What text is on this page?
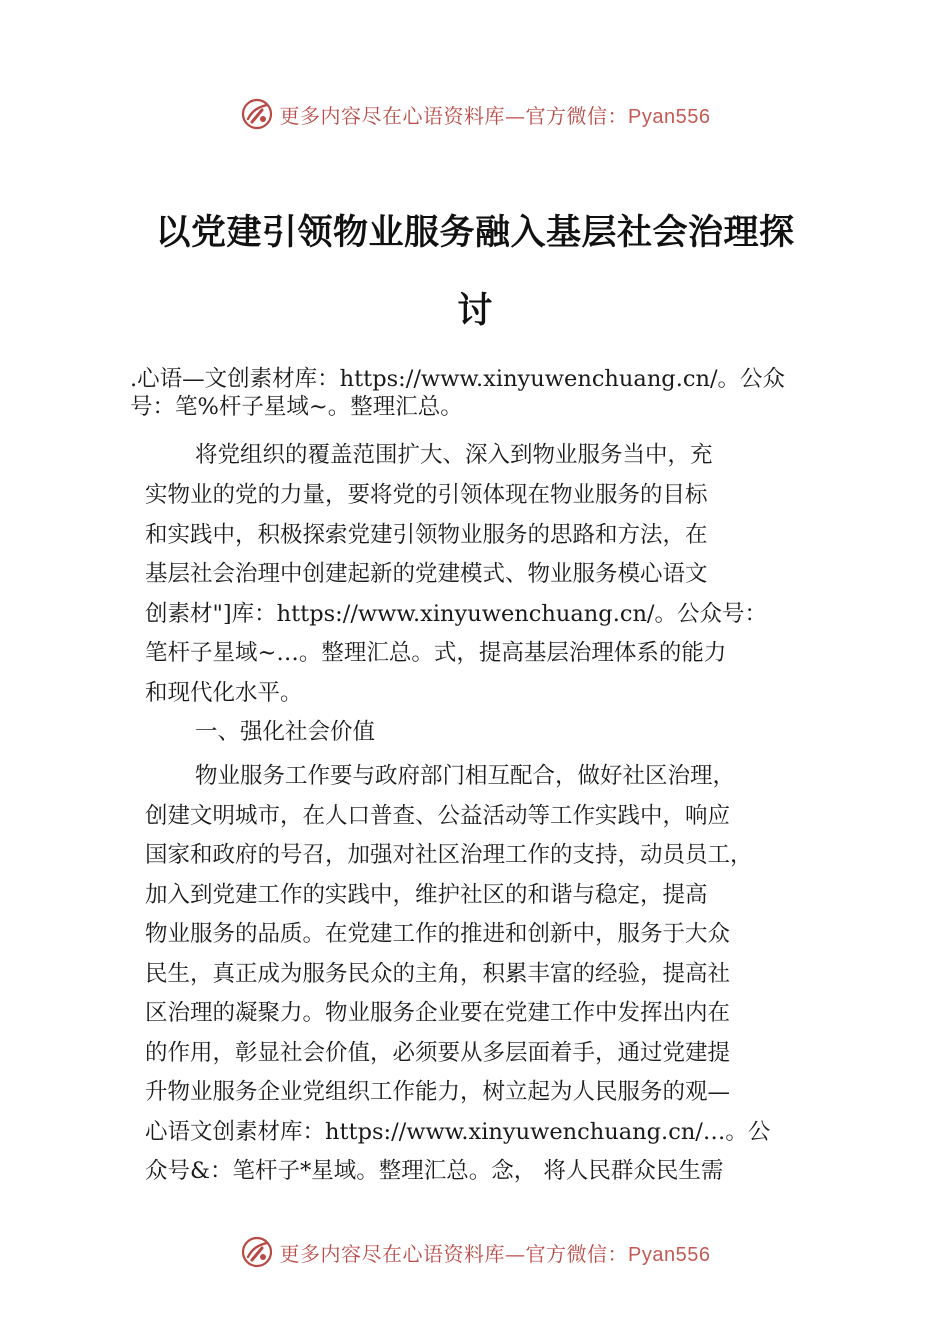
更多内容尽在心语资料库—官方微信：Pyan556
以党建引领物业服务融入基层社会治理探
讨
.心语—文创素材库：https://www.xinyuwenchuang.cn/。公众
号：笔%杆子星域~。整理汇总。
将党组织的覆盖范围扩大、深入到物业服务当中，充
实物业的党的力量，要将党的引领体现在物业服务的目标
和实践中，积极探索党建引领物业服务的思路和方法，在
基层社会治理中创建起新的党建模式、物业服务模心语文
创素材"]库：https://www.xinyuwenchuang.cn/。公众号：
笔杆子星域~…。整理汇总。式，提高基层治理体系的能力
和现代化水平。
一、强化社会价值
物业服务工作要与政府部门相互配合，做好社区治理，
创建文明城市，在人口普查、公益活动等工作实践中，响应
国家和政府的号召，加强对社区治理工作的支持，动员员工，
加入到党建工作的实践中，维护社区的和谐与稳定，提高
物业服务的品质。在党建工作的推进和创新中，服务于大众
民生，真正成为服务民众的主角，积累丰富的经验，提高社
区治理的凝聚力。物业服务企业要在党建工作中发挥出内在
的作用，彰显社会价值，必须要从多层面着手，通过党建提
升物业服务企业党组织工作能力，树立起为人民服务的观—
心语文创素材库：https://www.xinyuwenchuang.cn/…。公
众号&：笔杆子*星域。整理汇总。念， 将人民群众民生需
更多内容尽在心语资料库—官方微信：Pyan556
